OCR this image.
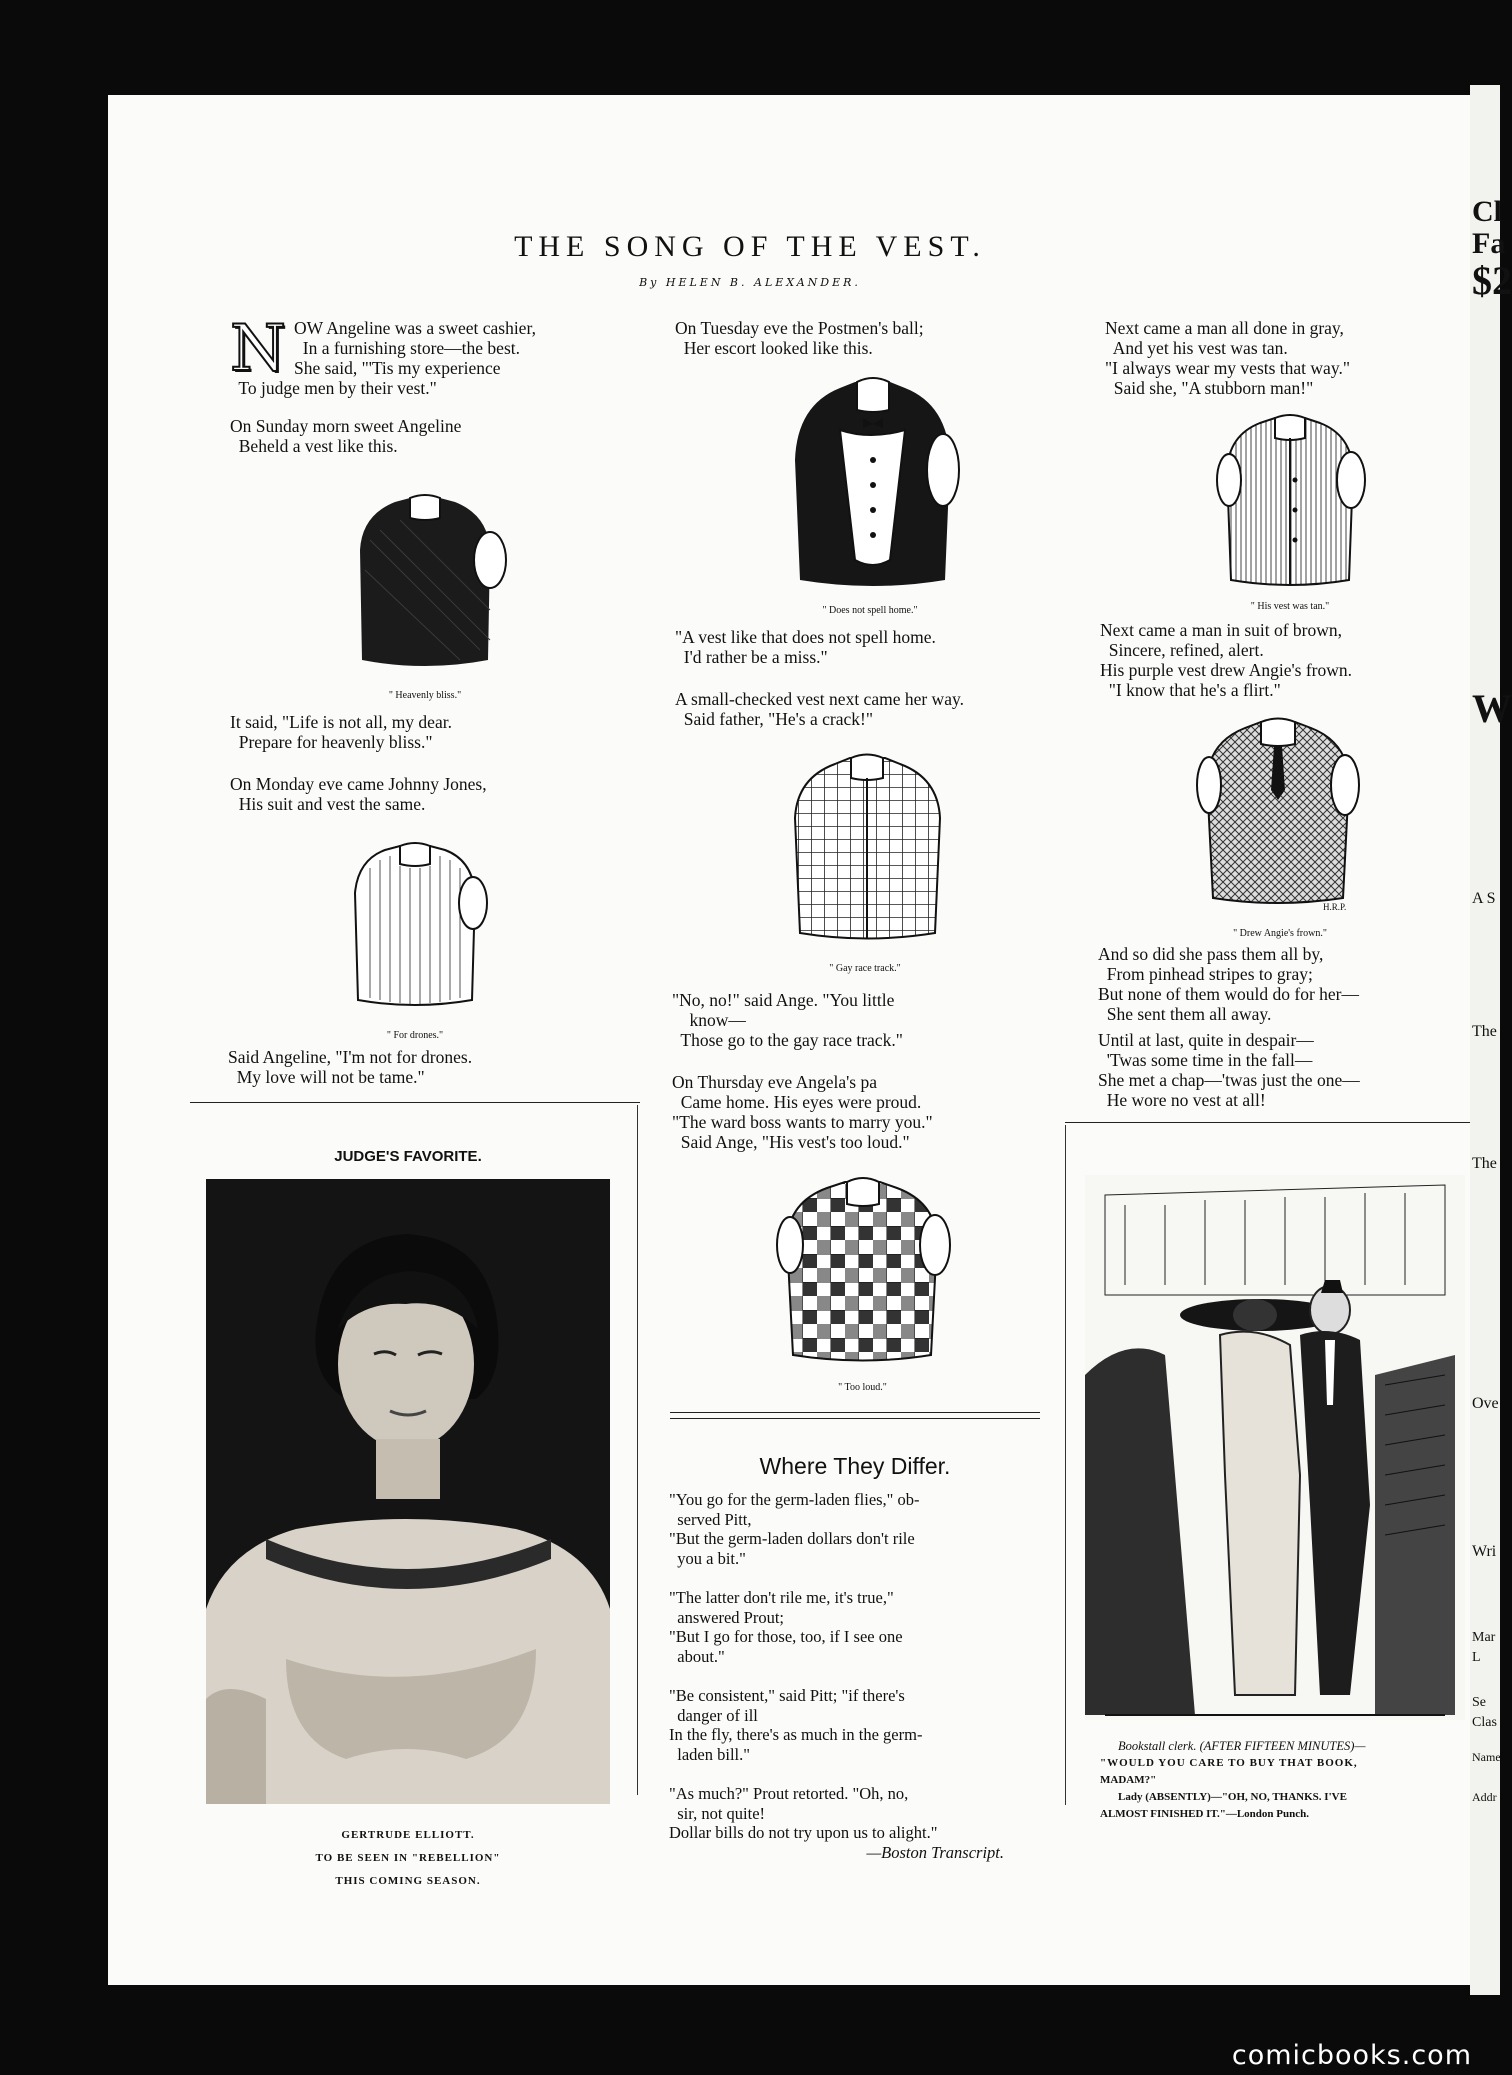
Cl
Fa
$2
W
A S
The
The
Ove
Wri
Mar
L
Se
Clas
Name
Addr
THE SONG OF THE VEST.
By HELEN B. ALEXANDER.
N OW Angeline was a sweet cashier,
In a furnishing store—the best.
She said, "'Tis my experience
To judge men by their vest."

On Sunday morn sweet Angeline
Beheld a vest like this.

" Heavenly bliss."

It said, "Life is not all, my dear.
Prepare for heavenly bliss."

On Monday eve came Johnny Jones,
His suit and vest the same.

" For drones."

Said Angeline, "I'm not for drones.
My love will not be tame."

On Tuesday eve the Postmen's ball;
Her escort looked like this.

" Does not spell home."

"A vest like that does not spell home.
I'd rather be a miss."

A small-checked vest next came her way.
Said father, "He's a crack!"

" Gay race track."

"No, no!" said Ange. "You little
know—
Those go to the gay race track."

On Thursday eve Angela's pa
Came home. His eyes were proud.
"The ward boss wants to marry you."
Said Ange, "His vest's too loud."

" Too loud."

Next came a man all done in gray,
And yet his vest was tan.
"I always wear my vests that way."
Said she, "A stubborn man!"

" His vest was tan."

Next came a man in suit of brown,
Sincere, refined, alert.
His purple vest drew Angie's frown.
"I know that he's a flirt."

H.R.P.
" Drew Angie's frown."

And so did she pass them all by,
From pinhead stripes to gray;
But none of them would do for her—
She sent them all away.

Until at last, quite in despair—
'Twas some time in the fall—
She met a chap—'twas just the one—
He wore no vest at all!

JUDGE'S FAVORITE.
GERTRUDE ELLIOTT.
TO BE SEEN IN "REBELLION"
THIS COMING SEASON.
Where They Differ.

"You go for the germ-laden flies," ob-
served Pitt,
"But the germ-laden dollars don't rile
you a bit."

"The latter don't rile me, it's true,"
answered Prout;
"But I go for those, too, if I see one
about."

"Be consistent," said Pitt; "if there's
danger of ill
In the fly, there's as much in the germ-
laden bill."

"As much?" Prout retorted. "Oh, no,
sir, not quite!
Dollar bills do not try upon us to alight."

—Boston Transcript.
Bookstall clerk. (AFTER FIFTEEN MINUTES)—
"WOULD YOU CARE TO BUY THAT BOOK,
MADAM?"
Lady (ABSENTLY)—"OH, NO, THANKS. I'VE
ALMOST FINISHED IT."—London Punch.
comicbooks.com
